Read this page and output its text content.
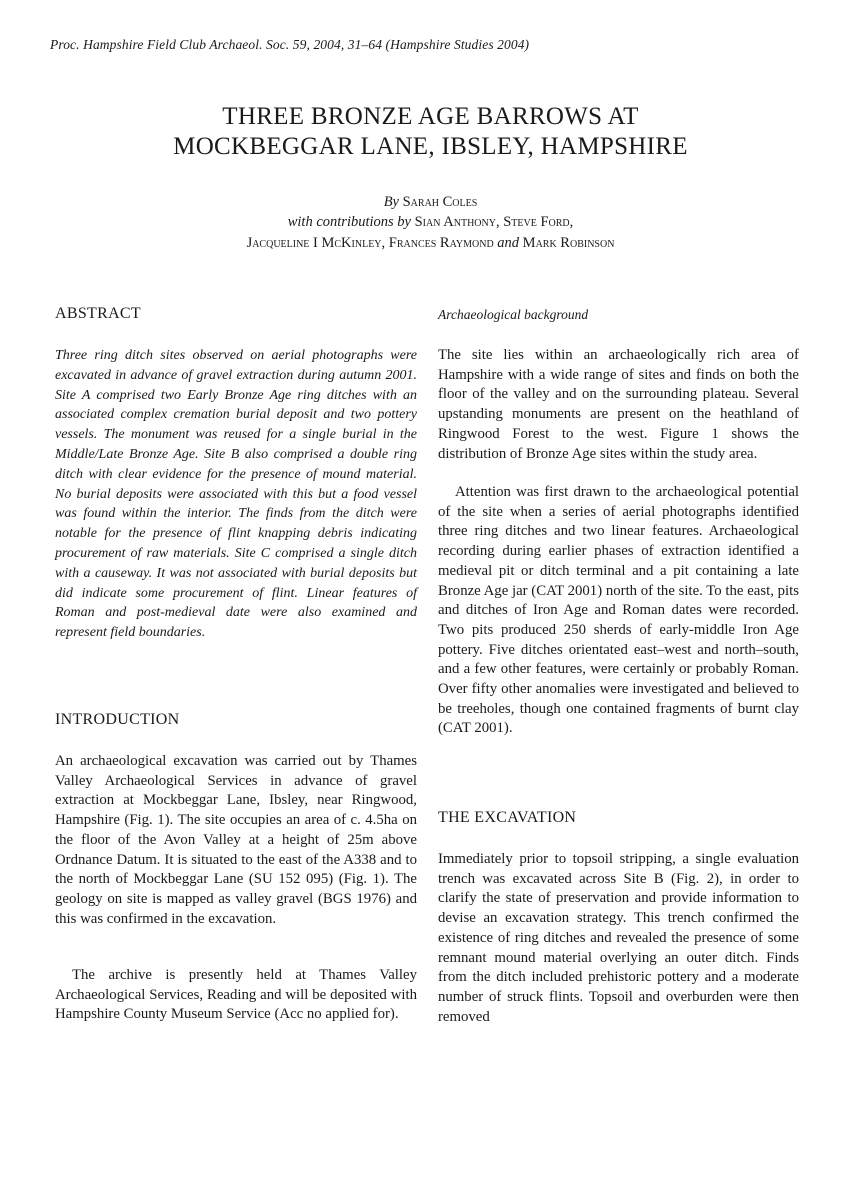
Proc. Hampshire Field Club Archaeol. Soc. 59, 2004, 31–64 (Hampshire Studies 2004)
THREE BRONZE AGE BARROWS AT
MOCKBEGGAR LANE, IBSLEY, HAMPSHIRE
By Sarah Coles
with contributions by Sian Anthony, Steve Ford,
Jacqueline I McKinley, Frances Raymond and Mark Robinson
ABSTRACT
Three ring ditch sites observed on aerial photographs were excavated in advance of gravel extraction during autumn 2001. Site A comprised two Early Bronze Age ring ditches with an associated complex cremation burial deposit and two pottery vessels. The monument was reused for a single burial in the Middle/Late Bronze Age. Site B also comprised a double ring ditch with clear evidence for the presence of mound material. No burial deposits were associated with this but a food vessel was found within the interior. The finds from the ditch were notable for the presence of flint knapping debris indicating procurement of raw materials. Site C comprised a single ditch with a causeway. It was not associated with burial deposits but did indicate some procurement of flint. Linear features of Roman and post-medieval date were also examined and represent field boundaries.
INTRODUCTION
An archaeological excavation was carried out by Thames Valley Archaeological Services in advance of gravel extraction at Mockbeggar Lane, Ibsley, near Ringwood, Hampshire (Fig. 1). The site occupies an area of c. 4.5ha on the floor of the Avon Valley at a height of 25m above Ordnance Datum. It is situated to the east of the A338 and to the north of Mockbeggar Lane (SU 152 095) (Fig. 1). The geology on site is mapped as valley gravel (BGS 1976) and this was confirmed in the excavation.
The archive is presently held at Thames Valley Archaeological Services, Reading and will be deposited with Hampshire County Museum Service (Acc no applied for).
Archaeological background
The site lies within an archaeologically rich area of Hampshire with a wide range of sites and finds on both the floor of the valley and on the surrounding plateau. Several upstanding monuments are present on the heathland of Ringwood Forest to the west. Figure 1 shows the distribution of Bronze Age sites within the study area.
Attention was first drawn to the archaeological potential of the site when a series of aerial photographs identified three ring ditches and two linear features. Archaeological recording during earlier phases of extraction identified a medieval pit or ditch terminal and a pit containing a late Bronze Age jar (CAT 2001) north of the site. To the east, pits and ditches of Iron Age and Roman dates were recorded. Two pits produced 250 sherds of early-middle Iron Age pottery. Five ditches orientated east–west and north–south, and a few other features, were certainly or probably Roman. Over fifty other anomalies were investigated and believed to be treeholes, though one contained fragments of burnt clay (CAT 2001).
THE EXCAVATION
Immediately prior to topsoil stripping, a single evaluation trench was excavated across Site B (Fig. 2), in order to clarify the state of preservation and provide information to devise an excavation strategy. This trench confirmed the existence of ring ditches and revealed the presence of some remnant mound material overlying an outer ditch. Finds from the ditch included prehistoric pottery and a moderate number of struck flints. Topsoil and overburden were then removed
